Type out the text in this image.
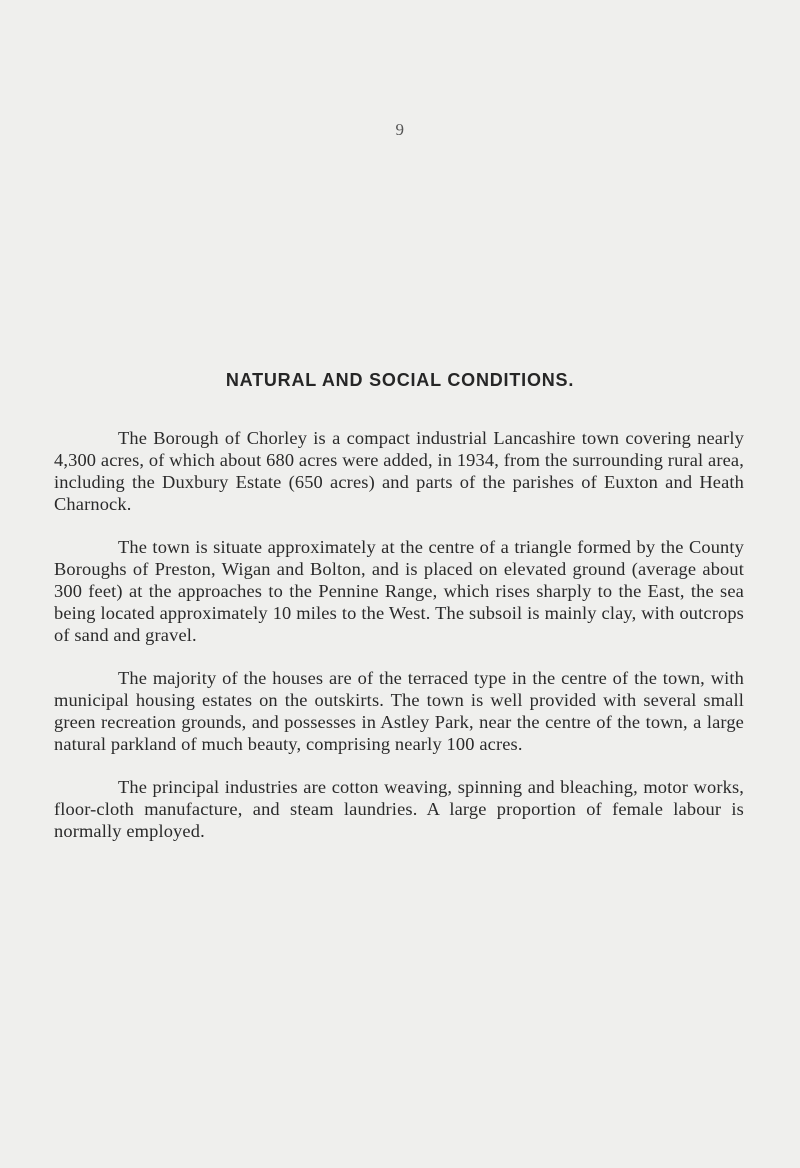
9
NATURAL AND SOCIAL CONDITIONS.

The Borough of Chorley is a compact industrial Lancashire town covering nearly 4,300 acres, of which about 680 acres were added, in 1934, from the surrounding rural area, including the Duxbury Estate (650 acres) and parts of the parishes of Euxton and Heath Charnock.

The town is situate approximately at the centre of a triangle formed by the County Boroughs of Preston, Wigan and Bolton, and is placed on elevated ground (average about 300 feet) at the approaches to the Pennine Range, which rises sharply to the East, the sea being located approximately 10 miles to the West. The subsoil is mainly clay, with outcrops of sand and gravel.

The majority of the houses are of the terraced type in the centre of the town, with municipal housing estates on the outskirts. The town is well provided with several small green recreation grounds, and possesses in Astley Park, near the centre of the town, a large natural parkland of much beauty, comprising nearly 100 acres.

The principal industries are cotton weaving, spinning and bleaching, motor works, floor-cloth manufacture, and steam laundries. A large proportion of female labour is normally employed.
